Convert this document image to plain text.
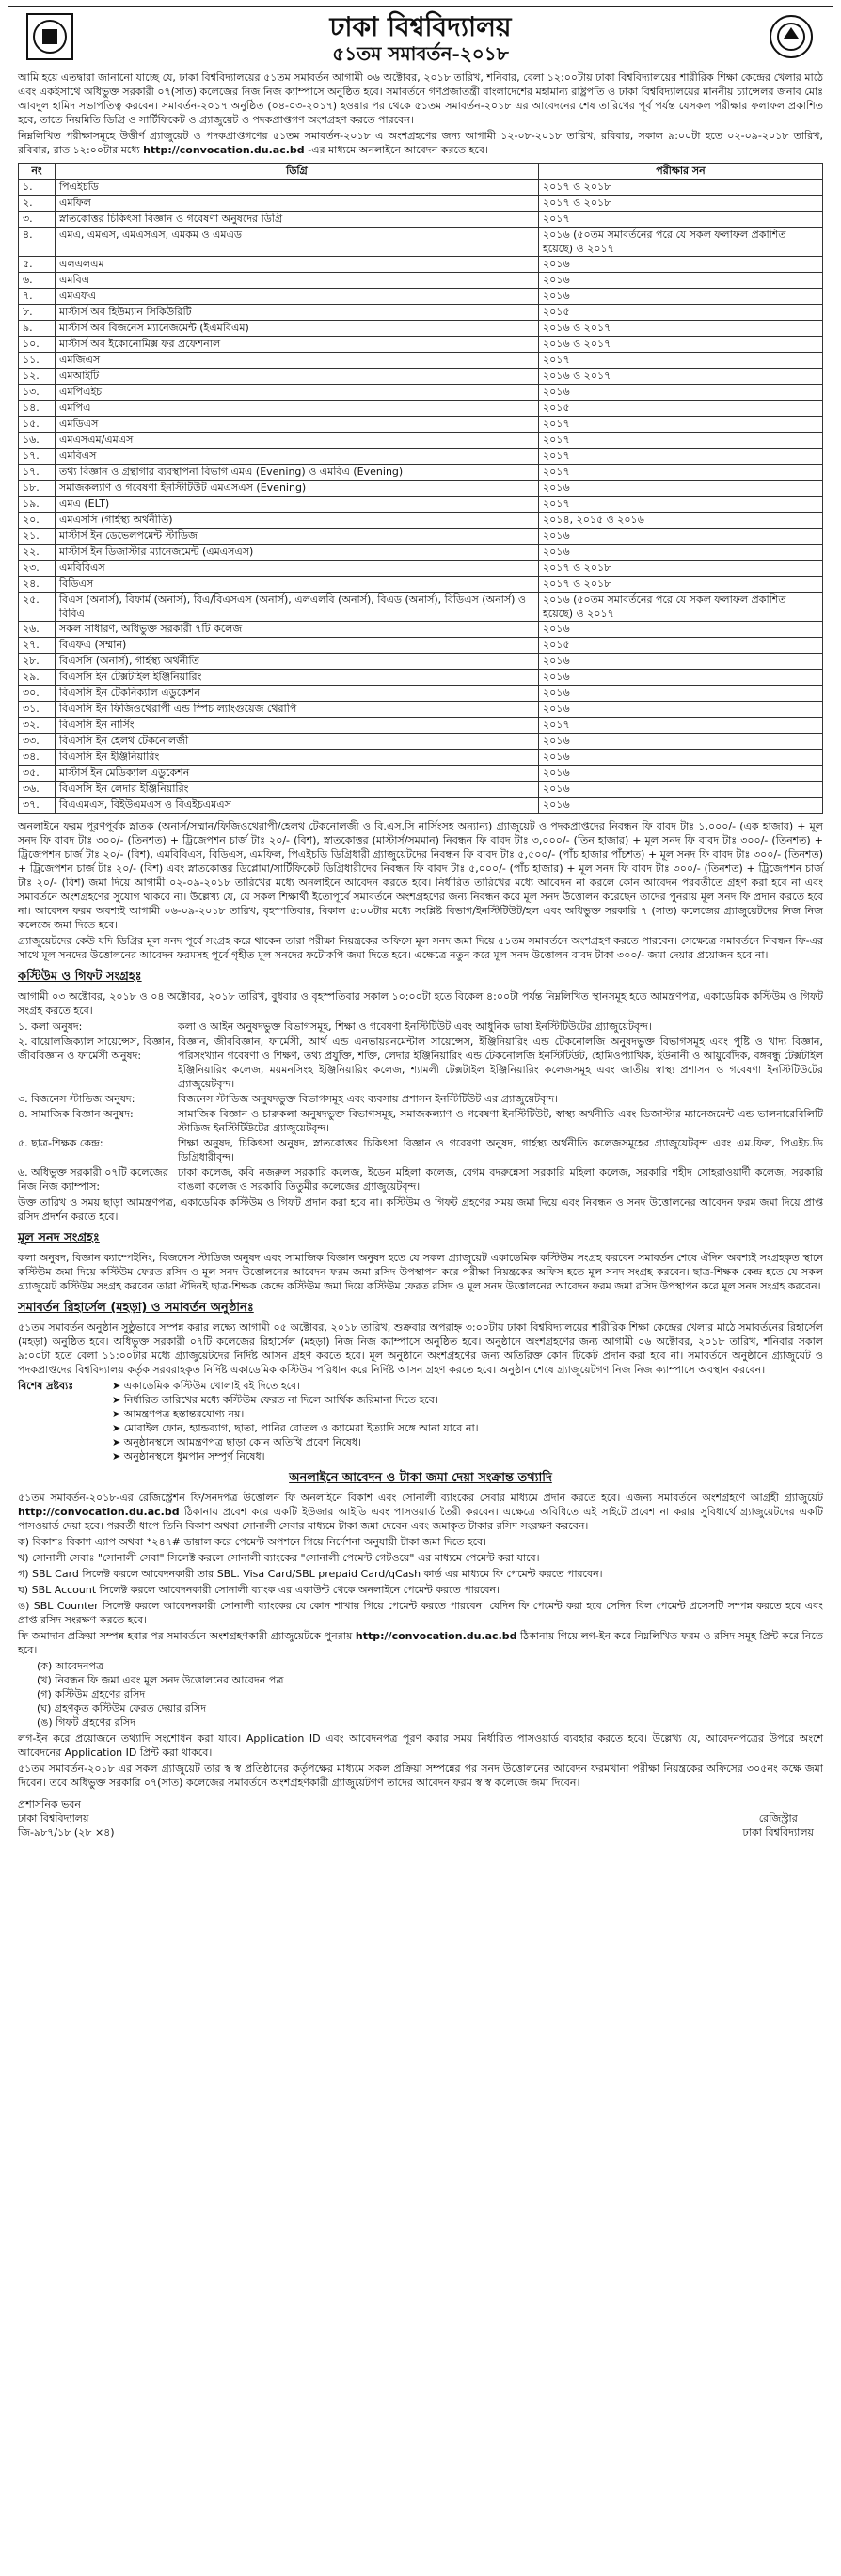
ঢাকা বিশ্ববিদ্যালয়
৫১তম সমাবর্তন-২০১৮

আমি হয়ে এতদ্বারা জানানো যাচ্ছে যে, ঢাকা বিশ্ববিদ্যালয়ের ৫১তম সমাবর্তন আগামী ০৬ অক্টোবর, ২০১৮ তারিখ, শনিবার, বেলা ১২:০০টায় ঢাকা বিশ্ববিদ্যালয়ের শারীরিক শিক্ষা কেন্দ্রের খেলার মাঠে এবং একইসাথে অধিভুক্ত সরকারী ০৭(সাত) কলেজের নিজ নিজ ক্যাম্পাসে অনুষ্ঠিত হবে। সমাবর্তনে গণপ্রজাতন্ত্রী বাংলাদেশের মহামান্য রাষ্ট্রপতি ও ঢাকা বিশ্ববিদ্যালয়ের মাননীয় চ্যান্সেলর জনাব মোঃ আবদুল হামিদ সভাপতিত্ব করবেন। সমাবর্তন-২০১৭ অনুষ্ঠিত (০৪-০৩-২০১৭) হওয়ার পর থেকে ৫১তম সমাবর্তন-২০১৮ এর আবেদনের শেষ তারিখের পূর্ব পর্যন্ত যেসকল পরীক্ষার ফলাফল প্রকাশিত হবে, তাতে নিয়মিতি ডিগ্রি ও সার্টিফিকেট ও গ্র্যাজুয়েট ও পদকপ্রাপ্তগণ অংশগ্রহণ করতে পারবেন।

নিম্নলিখিত পরীক্ষাসমূহে উত্তীর্ণ গ্র্যাজুয়েট ও পদকপ্রাপ্তগণের ৫১তম সমাবর্তন-২০১৮ এ অংশগ্রহণের জন্য আগামী ১২-০৮-২০১৮ তারিখ, রবিবার, সকাল ৯:০০টা হতে ০২-০৯-২০১৮ তারিখ, রবিবার, রাত ১২:০০টার মধ্যে http://convocation.du.ac.bd -এর মাধ্যমে অনলাইনে আবেদন করতে হবে।

নং	ডিগ্রি	পরীক্ষার সন
১.	পিএইচডি	২০১৭ ও ২০১৮
২.	এমফিল	২০১৭ ও ২০১৮
৩.	স্নাতকোত্তর চিকিৎসা বিজ্ঞান ও গবেষণা অনুষদের ডিগ্রি	২০১৭
৪.	এমএ, এমএস, এমএসএস, এমকম ও এমএড	২০১৬ (৫০তম সমাবর্তনের পরে যে সকল ফলাফল প্রকাশিত হয়েছে) ও ২০১৭
৫.	এলএলএম	২০১৬
৬.	এমবিএ	২০১৬
৭.	এমএফএ	২০১৬
৮.	মাস্টার্স অব হিউম্যান সিকিউরিটি	২০১৫
৯.	মাস্টার্স অব বিজনেস ম্যানেজমেন্ট (ইএমবিএম)	২০১৬ ও ২০১৭
১০.	মাস্টার্স অব ইকোনোমিক্স ফর প্রফেশনাল	২০১৬ ও ২০১৭
১১.	এমজিএস	২০১৭
১২.	এমআইটি	২০১৬ ও ২০১৭
১৩.	এমপিএইচ	২০১৬
১৪.	এমপিএ	২০১৫
১৫.	এমডিএস	২০১৭
১৬.	এমএসএম/এমএস	২০১৭
১৭.	এমবিএস	২০১৭
১৭.	তথ্য বিজ্ঞান ও গ্রন্থাগার ব্যবস্থাপনা বিভাগ এমএ (Evening) ও এমবিএ (Evening)	২০১৭
১৮.	সমাজকল্যাণ ও গবেষণা ইনস্টিটিউট এমএসএস (Evening)	২০১৬
১৯.	এমএ (ELT)	২০১৭
২০.	এমএসসি (গার্হস্থ্য অর্থনীতি)	২০১৪, ২০১৫ ও ২০১৬
২১.	মাস্টার্স ইন ডেভেলপমেন্ট স্টাডিজ	২০১৬
২২.	মাস্টার্স ইন ডিজাস্টার ম্যানেজমেন্ট (এমএসএস)	২০১৬
২৩.	এমবিবিএস	২০১৭ ও ২০১৮
২৪.	বিডিএস	২০১৭ ও ২০১৮
২৫.	বিএস (অনার্স), বিফার্ম (অনার্স), বিএ/বিএসএস (অনার্স), এলএলবি (অনার্স), বিএড (অনার্স), বিডিএস (অনার্স) ও বিবিএ	২০১৬ (৫০তম সমাবর্তনের পরে যে সকল ফলাফল প্রকাশিত হয়েছে) ও ২০১৭
২৬.	সকল সাধারণ, অধিভুক্ত সরকারী ৭টি কলেজ	২০১৬
২৭.	বিএফএ (সম্মান)	২০১৫
২৮.	বিএসসি (অনার্স), গার্হস্থ্য অর্থনীতি	২০১৬
২৯.	বিএসসি ইন টেক্সটাইল ইঞ্জিনিয়ারিং	২০১৬
৩০.	বিএসসি ইন টেকনিক্যাল এডুকেশন	২০১৬
৩১.	বিএসসি ইন ফিজিওথেরাপী এন্ড স্পিচ ল্যাংগুয়েজ থেরাপি	২০১৬
৩২.	বিএসসি ইন নার্সিং	২০১৭
৩৩.	বিএসসি ইন হেলথ টেকনোলজী	২০১৬
৩৪.	বিএসসি ইন ইঞ্জিনিয়ারিং	২০১৬
৩৫.	মাস্টার্স ইন মেডিক্যাল এডুকেশন	২০১৬
৩৬.	বিএসসি ইন লেদার ইঞ্জিনিয়ারিং	২০১৬
৩৭.	বিএএমএস, বিইউএমএস ও বিএইচএমএস	২০১৬

অনলাইনে ফরম পূরণপূর্বক স্নাতক (অনার্স/সম্মান/ফিজিওথেরাপী/হেলথ টেকনোলজী ও বি.এস.সি নার্সিংসহ অন্যান্য) গ্র্যাজুয়েট ও পদকপ্রাপ্তদের নিবন্ধন ফি বাবদ টাঃ ১,০০০/- (এক হাজার) + মূল সনদ ফি বাবদ টাঃ ৩০০/- (তিনশত) + ট্রিজেপশন চার্জ টাঃ ২০/- (বিশ), স্নাতকোত্তর (মাস্টার্স/সমমান) নিবন্ধন ফি বাবদ টাঃ ৩,০০০/- (তিন হাজার) + মূল সনদ ফি বাবদ টাঃ ৩০০/- (তিনশত) + ট্রিজেপশন চার্জ টাঃ ২০/- (বিশ), এমবিবিএস, বিডিএস, এমফিল, পিএইচডি ডিগ্রিধারী গ্র্যাজুয়েটদের নিবন্ধন ফি বাবদ টাঃ ৫,৫০০/- (পাঁচ হাজার পাঁচশত) + মূল সনদ ফি বাবদ টাঃ ৩০০/- (তিনশত) + ট্রিজেপশন চার্জ টাঃ ২০/- (বিশ) এবং স্নাতকোত্তর ডিপ্লোমা/সার্টিফিকেট ডিগ্রিধারীদের নিবন্ধন ফি বাবদ টাঃ ৫,০০০/- (পাঁচ হাজার) + মূল সনদ ফি বাবদ টাঃ ৩০০/- (তিনশত) + ট্রিজেপশন চার্জ টাঃ ২০/- (বিশ) জমা দিয়ে আগামী ০২-০৯-২০১৮ তারিখের মধ্যে অনলাইনে আবেদন করতে হবে। নির্ধারিত তারিখের মধ্যে আবেদন না করলে কোন আবেদন পরবর্তীতে গ্রহণ করা হবে না এবং সমাবর্তনে অংশগ্রহণের সুযোগ থাকবে না। উল্লেখ্য যে, যে সকল শিক্ষার্থী ইতোপূর্বে সমাবর্তনে অংশগ্রহণের জন্য নিবন্ধন করে মূল সনদ উত্তোলন করেছেন তাদের পুনরায় মূল সনদ ফি প্রদান করতে হবে না। আবেদন ফরম অবশ্যই আগামী ০৬-০৯-২০১৮ তারিখ, বৃহস্পতিবার, বিকাল ৫:০০টার মধ্যে সংশ্লিষ্ট বিভাগ/ইনস্টিটিউট/হল এবং অধিভুক্ত সরকারি ৭ (সাত) কলেজের গ্র্যাজুয়েটদের নিজ নিজ কলেজে জমা দিতে হবে।

গ্র্যাজুয়েটদের কেউ যদি ডিগ্রির মূল সনদ পূর্বে সংগ্রহ করে থাকেন তারা পরীক্ষা নিয়ন্ত্রকের অফিসে মূল সনদ জমা দিয়ে ৫১তম সমাবর্তনে অংশগ্রহণ করতে পারবেন। সেক্ষেত্রে সমাবর্তনে নিবন্ধন ফি-এর সাথে মূল সনদের উত্তোলনের আবেদন ফরমসহ পূর্বে গৃহীত মূল সনদের ফটোকপি জমা দিতে হবে। এক্ষেত্রে নতুন করে মূল সনদ উত্তোলন বাবদ টাকা ৩০০/- জমা দেয়ার প্রয়োজন হবে না।

কস্টিউম ও গিফট সংগ্রহঃ

আগামী ০৩ অক্টোবর, ২০১৮ ও ০৪ অক্টোবর, ২০১৮ তারিখ, বুধবার ও বৃহস্পতিবার সকাল ১০:০০টা হতে বিকেল ৪:০০টা পর্যন্ত নিম্নলিখিত স্থানসমূহ হতে আমন্ত্রণপত্র, একাডেমিক কস্টিউম ও গিফট সংগ্রহ করতে হবে।

১. কলা অনুষদ:	কলা ও আইন অনুষদভুক্ত বিভাগসমূহ, শিক্ষা ও গবেষণা ইনস্টিটিউট এবং আধুনিক ভাষা ইনস্টিটিউটের গ্র্যাজুয়েটবৃন্দ।
২. বায়োলজিক্যাল সায়েন্সেস, বিজ্ঞান, জীববিজ্ঞান ও ফার্মেসী অনুষদ:
বিজ্ঞান, জীববিজ্ঞান, ফার্মেসী, আর্থ এন্ড এনভায়রনমেন্টাল সায়েন্সেস, ইঞ্জিনিয়ারিং এন্ড টেকনোলজি অনুষদভুক্ত বিভাগসমূহ এবং পুষ্টি ও খাদ্য বিজ্ঞান, পরিসংখ্যান গবেষণা ও শিক্ষণ, তথ্য প্রযুক্তি, শক্তি, লেদার ইঞ্জিনিয়ারিং এন্ড টেকনোলজি ইনস্টিটিউট, হোমিওপ্যাথিক, ইউনানী ও আয়ুর্বেদিক, বঙ্গবন্ধু টেক্সটাইল ইঞ্জিনিয়ারিং কলেজ, ময়মনসিংহ ইঞ্জিনিয়ারিং কলেজ, শ্যামলী টেক্সটাইল ইঞ্জিনিয়ারিং কলেজসমূহ এবং জাতীয় স্বাস্থ্য প্রশাসন ও গবেষণা ইনস্টিটিউটের গ্র্যাজুয়েটবৃন্দ।
৩. বিজনেস স্টাডিজ অনুষদ:	বিজনেস স্টাডিজ অনুষদভুক্ত বিভাগসমূহ এবং ব্যবসায় প্রশাসন ইনস্টিটিউট এর গ্র্যাজুয়েটবৃন্দ।
৪. সামাজিক বিজ্ঞান অনুষদ:	সামাজিক বিজ্ঞান ও চারুকলা অনুষদভুক্ত বিভাগসমূহ, সমাজকল্যাণ ও গবেষণা ইনস্টিটিউট, স্বাস্থ্য অর্থনীতি এবং ডিজাস্টার ম্যানেজমেন্ট এন্ড ভালনারেবিলিটি স্টাডিজ ইনস্টিটিউটের গ্র্যাজুয়েটবৃন্দ।
৫. ছাত্র-শিক্ষক কেন্দ্র:	শিক্ষা অনুষদ, চিকিৎসা অনুষদ, স্নাতকোত্তর চিকিৎসা বিজ্ঞান ও গবেষণা অনুষদ, গার্হস্থ্য অর্থনীতি কলেজসমূহের গ্র্যাজুয়েটবৃন্দ এবং এম.ফিল, পিএইচ.ডি ডিগ্রিধারীবৃন্দ।
৬. অধিভুক্ত সরকারী ০৭টি কলেজের নিজ নিজ ক্যাম্পাস:
ঢাকা কলেজ, কবি নজরুল সরকারি কলেজ, ইডেন মহিলা কলেজ, বেগম বদরুন্নেসা সরকারি মহিলা কলেজ, সরকারি শহীদ সোহরাওয়ার্দী কলেজ, সরকারি বাঙলা কলেজ ও সরকারি তিতুমীর কলেজের গ্র্যাজুয়েটবৃন্দ।

উক্ত তারিখ ও সময় ছাড়া আমন্ত্রণপত্র, একাডেমিক কস্টিউম ও গিফট প্রদান করা হবে না। কস্টিউম ও গিফট গ্রহণের সময় জমা দিয়ে এবং নিবন্ধন ও সনদ উত্তোলনের আবেদন ফরম জমা দিয়ে প্রাপ্ত রসিদ প্রদর্শন করতে হবে।

মূল সনদ সংগ্রহঃ

কলা অনুষদ, বিজ্ঞান ক্যাম্পেইনিং, বিজনেস স্টাডিজ অনুষদ এবং সামাজিক বিজ্ঞান অনুষদ হতে যে সকল গ্র্যাজুয়েট একাডেমিক কস্টিউম সংগ্রহ করবেন সমাবর্তন শেষে ঐদিন অবশ্যই সংগ্রহকৃত স্থানে কস্টিউম জমা দিয়ে কস্টিউম ফেরত রসিদ ও মূল সনদ উত্তোলনের আবেদন ফরম জমা রসিদ উপস্থাপন করে পরীক্ষা নিয়ন্ত্রকের অফিস হতে মূল সনদ সংগ্রহ করবেন। ছাত্র-শিক্ষক কেন্দ্র হতে যে সকল গ্র্যাজুয়েট কস্টিউম সংগ্রহ করবেন তারা ঐদিনই ছাত্র-শিক্ষক কেন্দ্রে কস্টিউম জমা দিয়ে কস্টিউম ফেরত রসিদ ও মূল সনদ উত্তোলনের আবেদন ফরম জমা রসিদ উপস্থাপন করে মূল সনদ সংগ্রহ করবেন।

সমাবর্তন রিহার্সেল (মহড়া) ও সমাবর্তন অনুষ্ঠানঃ

৫১তম সমাবর্তন অনুষ্ঠান সুষ্ঠুভাবে সম্পন্ন করার লক্ষ্যে আগামী ০৫ অক্টোবর, ২০১৮ তারিখ, শুক্রবার অপরাহ্ন ৩:০০টায় ঢাকা বিশ্ববিদ্যালয়ের শারীরিক শিক্ষা কেন্দ্রের খেলার মাঠে সমাবর্তনের রিহার্সেল (মহড়া) অনুষ্ঠিত হবে। অধিভুক্ত সরকারী ০৭টি কলেজের রিহার্সেল (মহড়া) নিজ নিজ ক্যাম্পাসে অনুষ্ঠিত হবে। অনুষ্ঠানে অংশগ্রহণের জন্য আগামী ০৬ অক্টোবর, ২০১৮ তারিখ, শনিবার সকাল ৯:০০টা হতে বেলা ১১:০০টার মধ্যে গ্র্যাজুয়েটদের নির্দিষ্ট আসন গ্রহণ করতে হবে। মূল অনুষ্ঠানে অংশগ্রহণের জন্য অতিরিক্ত কোন টিকেট প্রদান করা হবে না। সমাবর্তনে অনুষ্ঠানে গ্র্যাজুয়েট ও পদকপ্রাপ্তদের বিশ্ববিদ্যালয় কর্তৃক সরবরাহকৃত নির্দিষ্ট একাডেমিক কস্টিউম পরিধান করে নির্দিষ্ট আসন গ্রহণ করতে হবে। অনুষ্ঠান শেষে গ্র্যাজুয়েটগণ নিজ নিজ ক্যাম্পাসে অবস্থান করবেন।

বিশেষ দ্রষ্টব্যঃ	➤ একাডেমিক কস্টিউম খোলাই বই দিতে হবে।
➤ নির্ধারিত তারিখের মধ্যে কস্টিউম ফেরত না দিলে আর্থিক জরিমানা দিতে হবে।
➤ আমন্ত্রণপত্র হস্তান্তরযোগ্য নয়।
➤ মোবাইল ফোন, হ্যান্ডব্যাগ, ছাতা, পানির বোতল ও ক্যামেরা ইত্যাদি সঙ্গে আনা যাবে না।
➤ অনুষ্ঠানস্থলে আমন্ত্রণপত্র ছাড়া কোন অতিথি প্রবেশ নিষেধ।
➤ অনুষ্ঠানস্থলে ধূমপান সম্পূর্ণ নিষেধ।
অনলাইনে আবেদন ও টাকা জমা দেয়া সংক্রান্ত তথ্যাদি

৫১তম সমাবর্তন-২০১৮-এর রেজিস্ট্রেশন ফি/সনদপত্র উত্তোলন ফি অনলাইনে বিকাশ এবং সোনালী ব্যাংকের সেবার মাধ্যমে প্রদান করতে হবে। এজন্য সমাবর্তনে অংশগ্রহণে আগ্রহী গ্র্যাজুয়েট http://convocation.du.ac.bd ঠিকানায় প্রবেশ করে একটি ইউজার আইডি এবং পাসওয়ার্ড তৈরী করবেন। এক্ষেত্রে অবিধিতে এই সাইটে প্রবেশ না করার সুবিধার্থে গ্র্যাজুয়েটদের একটি পাসওয়ার্ড দেয়া হবে। পরবর্তী ধাপে তিনি বিকাশ অথবা সোনালী সেবার মাধ্যমে টাকা জমা দেবেন এবং জমাকৃত টাকার রসিদ সংরক্ষণ করবেন।

ক) বিকাশঃ বিকাশ এ্যাপ অথবা *২৪৭# ডায়াল করে পেমেন্ট অপশনে গিয়ে নির্দেশনা অনুযায়ী টাকা জমা দিতে হবে।

খ) সোনালী সেবাঃ "সোনালী সেবা" সিলেক্ট করলে সোনালী ব্যাংকের "সোনালী পেমেন্ট গেটওয়ে" এর মাধ্যমে পেমেন্ট করা যাবে।

গ) SBL Card সিলেক্ট করলে আবেদনকারী তার SBL. Visa Card/SBL prepaid Card/qCash কার্ড এর মাধ্যমে ফি পেমেন্ট করতে পারবেন।

ঘ) SBL Account সিলেক্ট করলে আবেদনকারী সোনালী ব্যাংক এর একাউন্ট থেকে অনলাইনে পেমেন্ট করতে পারবেন।

ঙ) SBL Counter সিলেক্ট করলে আবেদনকারী সোনালী ব্যাংকের যে কোন শাখায় গিয়ে পেমেন্ট করতে পারবেন। যেদিন ফি পেমেন্ট করা হবে সেদিন বিল পেমেন্ট প্রসেসটি সম্পন্ন করতে হবে এবং প্রাপ্ত রসিদ সংরক্ষণ করতে হবে।

ফি জমাদান প্রক্রিয়া সম্পন্ন হবার পর সমাবর্তনে অংশগ্রহণকারী গ্র্যাজুয়েটকে পুনরায় http://convocation.du.ac.bd ঠিকানায় গিয়ে লগ-ইন করে নিম্নলিখিত ফরম ও রসিদ সমূহ প্রিন্ট করে নিতে হবে।

(ক) আবেদনপত্র
(খ) নিবন্ধন ফি জমা এবং মূল সনদ উত্তোলনের আবেদন পত্র
(গ) কস্টিউম গ্রহণের রসিদ
(ঘ) গ্রহণকৃত কস্টিউম ফেরত দেয়ার রসিদ
(ঙ) গিফট গ্রহণের রসিদ

লগ-ইন করে প্রয়োজনে তথ্যাদি সংশোধন করা যাবে। Application ID এবং আবেদনপত্র পূরণ করার সময় নির্ধারিত পাসওয়ার্ড ব্যবহার করতে হবে। উল্লেখ্য যে, আবেদনপত্রের উপরে অংশে আবেদনের Application ID প্রিন্ট করা থাকবে।

৫১তম সমাবর্তন-২০১৮ এর সকল গ্র্যাজুয়েট তার স্ব স্ব প্রতিষ্ঠানের কর্তৃপক্ষের মাধ্যমে সকল প্রক্রিয়া সম্পন্নের পর সনদ উত্তোলনের আবেদন ফরমখানা পরীক্ষা নিয়ন্ত্রকের অফিসের ৩০৫নং কক্ষে জমা দিবেন। তবে অধিভুক্ত সরকারি ০৭(সাত) কলেজের সমাবর্তনে অংশগ্রহণকারী গ্র্যাজুয়েটগণ তাদের আবেদন ফরম স্ব স্ব কলেজে জমা দিবেন।

প্রশাসনিক ভবন
ঢাকা বিশ্ববিদ্যালয়
জি-৯৮৭/১৮ (২৮ ×৪)
রেজিস্ট্রার
ঢাকা বিশ্ববিদ্যালয়
